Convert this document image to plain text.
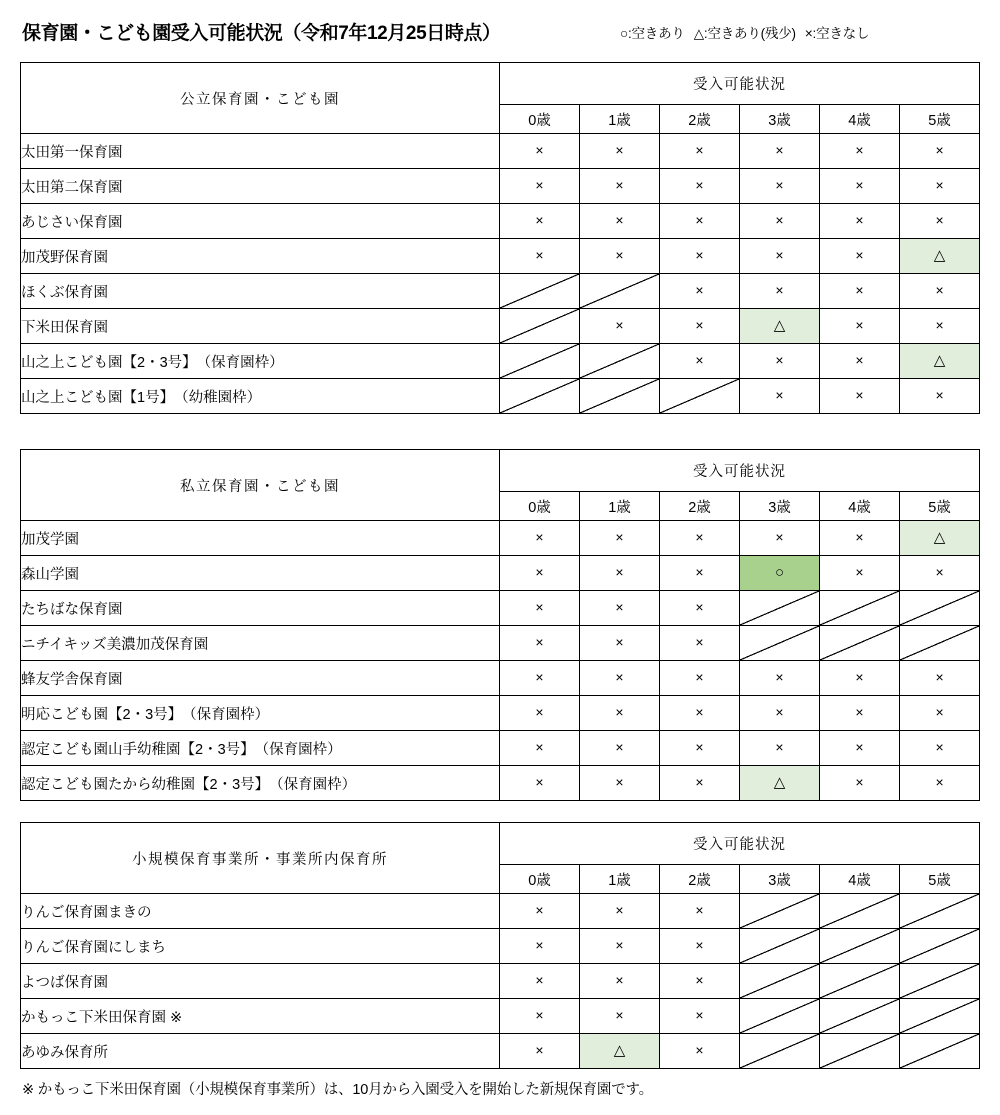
保育園・こども園受入可能状況（令和7年12月25日時点）	○:空きあり △:空きあり(残少) ×:空きなし
公立保育園・こども園	受入可能状況					
	0歳	1歳	2歳	3歳	4歳	5歳
太田第一保育園	×	×	×	×	×	×
太田第二保育園	×	×	×	×	×	×
あじさい保育園	×	×	×	×	×	×
加茂野保育園	×	×	×	×	×	△
ほくぶ保育園			×	×	×	×
下米田保育園		×	×	△	×	×
山之上こども園【2・3号】　（保育園枠）			×	×	×	△
山之上こども園【1号】　（幼稚園枠）				×	×	×
私立保育園・こども園	受入可能状況					
	0歳	1歳	2歳	3歳	4歳	5歳
加茂学園	×	×	×	×	×	△
森山学園	×	×	×	○	×	×
たちばな保育園	×	×	×			
ニチイキッズ美濃加茂保育園	×	×	×			
蜂友学舎保育園	×	×	×	×	×	×
明応こども園【2・3号】　（保育園枠）	×	×	×	×	×	×
認定こども園山手幼稚園【2・3号】　（保育園枠）	×	×	×	×	×	×
認定こども園たから幼稚園【2・3号】　（保育園枠）	×	×	×	△	×	×
小規模保育事業所・事業所内保育所	受入可能状況					
	0歳	1歳	2歳	3歳	4歳	5歳
りんご保育園まきの	×	×	×			
りんご保育園にしまち	×	×	×			
よつば保育園	×	×	×			
かもっこ下米田保育園 ※	×	×	×			
あゆみ保育所	×	△	×			
※ かもっこ下米田保育園（小規模保育事業所）は、10月から入園受入を開始した新規保育園です。
